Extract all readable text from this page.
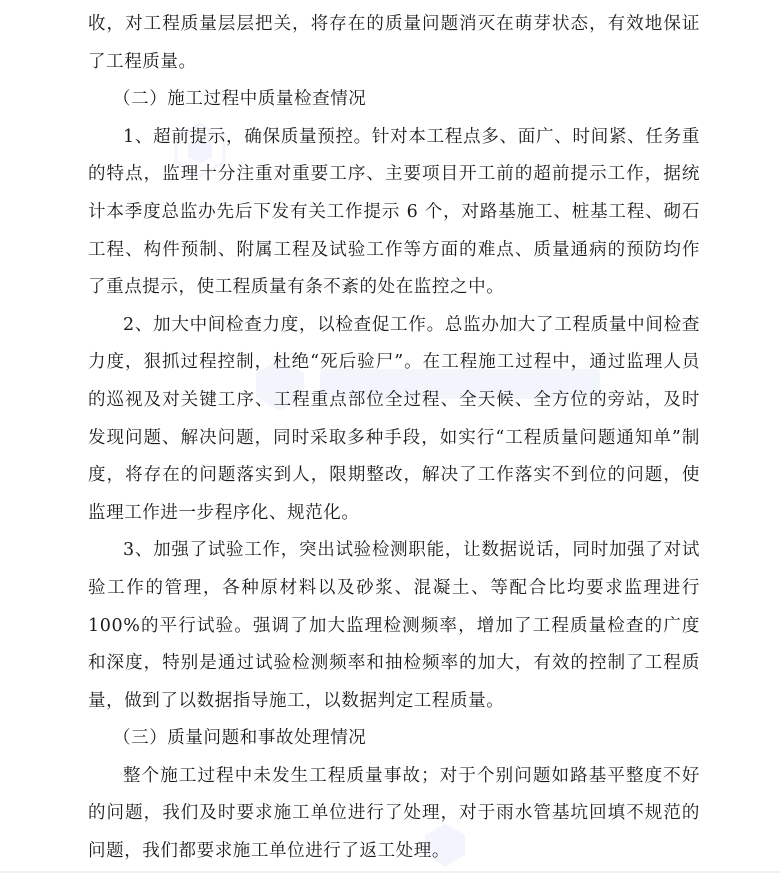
收，对工程质量层层把关，将存在的质量问题消灭在萌芽状态，有效地保证了工程质量。

（二）施工过程中质量检查情况

1、超前提示，确保质量预控。针对本工程点多、面广、时间紧、任务重的特点，监理十分注重对重要工序、主要项目开工前的超前提示工作，据统计本季度总监办先后下发有关工作提示 6 个，对路基施工、桩基工程、砌石工程、构件预制、附属工程及试验工作等方面的难点、质量通病的预防均作了重点提示，使工程质量有条不紊的处在监控之中。

2、加大中间检查力度，以检查促工作。总监办加大了工程质量中间检查力度，狠抓过程控制，杜绝“死后验尸”。在工程施工过程中，通过监理人员的巡视及对关键工序、工程重点部位全过程、全天候、全方位的旁站，及时发现问题、解决问题，同时采取多种手段，如实行“工程质量问题通知单”制度，将存在的问题落实到人，限期整改，解决了工作落实不到位的问题，使监理工作进一步程序化、规范化。

3、加强了试验工作，突出试验检测职能，让数据说话，同时加强了对试验工作的管理，各种原材料以及砂浆、混凝土、等配合比均要求监理进行 100%的平行试验。强调了加大监理检测频率，增加了工程质量检查的广度和深度，特别是通过试验检测频率和抽检频率的加大，有效的控制了工程质量，做到了以数据指导施工，以数据判定工程质量。

（三）质量问题和事故处理情况

整个施工过程中未发生工程质量事故；对于个别问题如路基平整度不好的问题，我们及时要求施工单位进行了处理，对于雨水管基坑回填不规范的问题，我们都要求施工单位进行了返工处理。
